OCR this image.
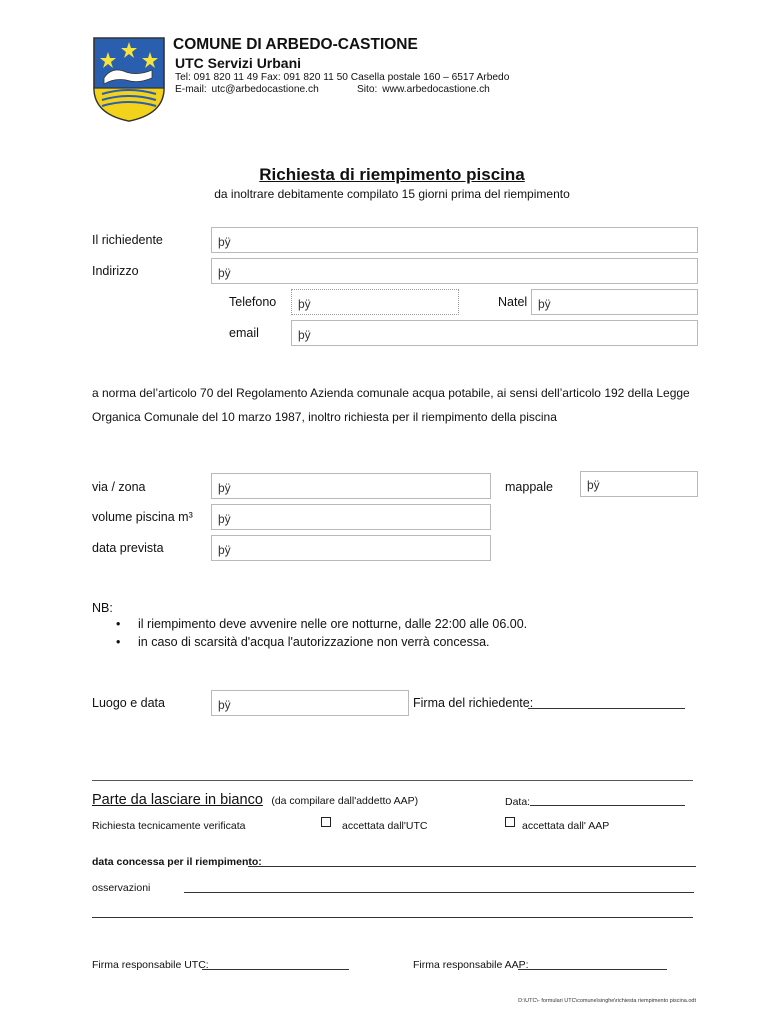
COMUNE DI ARBEDO-CASTIONE
UTC Servizi Urbani
Tel: 091 820 11 49 Fax: 091 820 11 50 Casella postale 160 – 6517 Arbedo
E-mail: utc@arbedocastione.ch	Sito: www.arbedocastione.ch
Richiesta di riempimento piscina
da inoltrare debitamente compilato 15 giorni prima del riempimento
Il richiedente	þÿ
Indirizzo	þÿ
Telefono	þÿ	Natel þÿ
email	þÿ
a norma del’articolo 70 del Regolamento Azienda comunale acqua potabile, ai sensi dell’articolo 192 della Legge
Organica Comunale del 10 marzo 1987, inoltro richiesta per il riempimento della piscina
via / zona	þÿ	mappale	þÿ
volume piscina m³	þÿ
data prevista	þÿ
NB:
• il riempimento deve avvenire nelle ore notturne, dalle 22:00 alle 06.00.
• in caso di scarsità d'acqua l'autorizzazione non verrà concessa.
Luogo e data	þÿ	Firma del richiedente:
Parte da lasciare in bianco (da compilare dall'addetto AAP)	Data:
Richiesta tecnicamente verificata	accettata dall'UTC	accettata dall' AAP
data concessa per il riempimento:
osservazioni
Firma responsabile UTC:	Firma responsabile AAP:
D:\UTC\- formulari UTC\comune\singhe\richiesta riempimento piscina.odt
